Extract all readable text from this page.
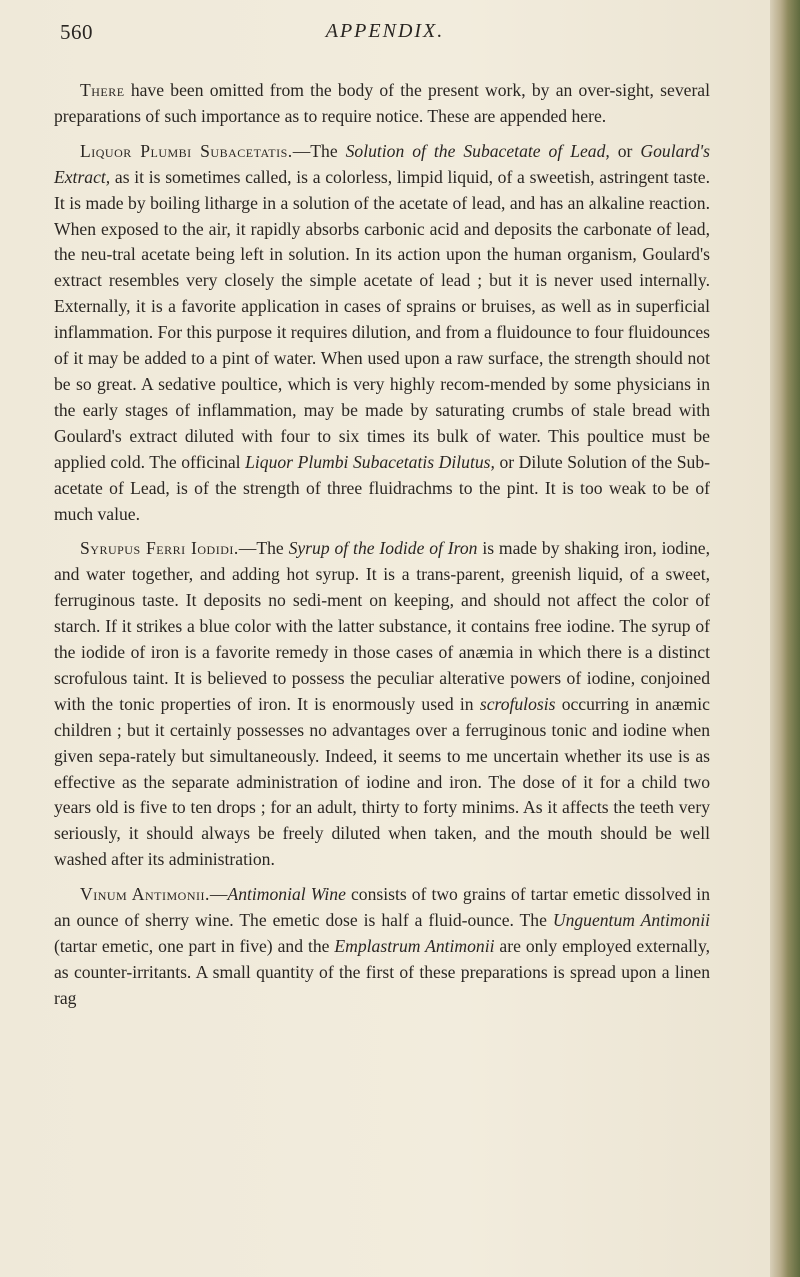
560	APPENDIX.

There have been omitted from the body of the present work, by an over-sight, several preparations of such importance as to require notice. These are appended here.

Liquor Plumbi Subacetatis.—The Solution of the Subacetate of Lead, or Goulard's Extract, as it is sometimes called, is a colorless, limpid liquid, of a sweetish, astringent taste. It is made by boiling litharge in a solution of the acetate of lead, and has an alkaline reaction. When exposed to the air, it rapidly absorbs carbonic acid and deposits the carbonate of lead, the neu-tral acetate being left in solution. In its action upon the human organism, Goulard's extract resembles very closely the simple acetate of lead ; but it is never used internally. Externally, it is a favorite application in cases of sprains or bruises, as well as in superficial inflammation. For this purpose it requires dilution, and from a fluidounce to four fluidounces of it may be added to a pint of water. When used upon a raw surface, the strength should not be so great. A sedative poultice, which is very highly recom-mended by some physicians in the early stages of inflammation, may be made by saturating crumbs of stale bread with Goulard's extract diluted with four to six times its bulk of water. This poultice must be applied cold. The officinal Liquor Plumbi Subacetatis Dilutus, or Dilute Solution of the Sub-acetate of Lead, is of the strength of three fluidrachms to the pint. It is too weak to be of much value.

Syrupus Ferri Iodidi.—The Syrup of the Iodide of Iron is made by shaking iron, iodine, and water together, and adding hot syrup. It is a trans-parent, greenish liquid, of a sweet, ferruginous taste. It deposits no sedi-ment on keeping, and should not affect the color of starch. If it strikes a blue color with the latter substance, it contains free iodine. The syrup of the iodide of iron is a favorite remedy in those cases of anæmia in which there is a distinct scrofulous taint. It is believed to possess the peculiar alterative powers of iodine, conjoined with the tonic properties of iron. It is enormously used in scrofulosis occurring in anæmic children ; but it certainly possesses no advantages over a ferruginous tonic and iodine when given sepa-rately but simultaneously. Indeed, it seems to me uncertain whether its use is as effective as the separate administration of iodine and iron. The dose of it for a child two years old is five to ten drops ; for an adult, thirty to forty minims. As it affects the teeth very seriously, it should always be freely diluted when taken, and the mouth should be well washed after its administration.

Vinum Antimonii.—Antimonial Wine consists of two grains of tartar emetic dissolved in an ounce of sherry wine. The emetic dose is half a fluid-ounce. The Unguentum Antimonii (tartar emetic, one part in five) and the Emplastrum Antimonii are only employed externally, as counter-irritants. A small quantity of the first of these preparations is spread upon a linen rag
